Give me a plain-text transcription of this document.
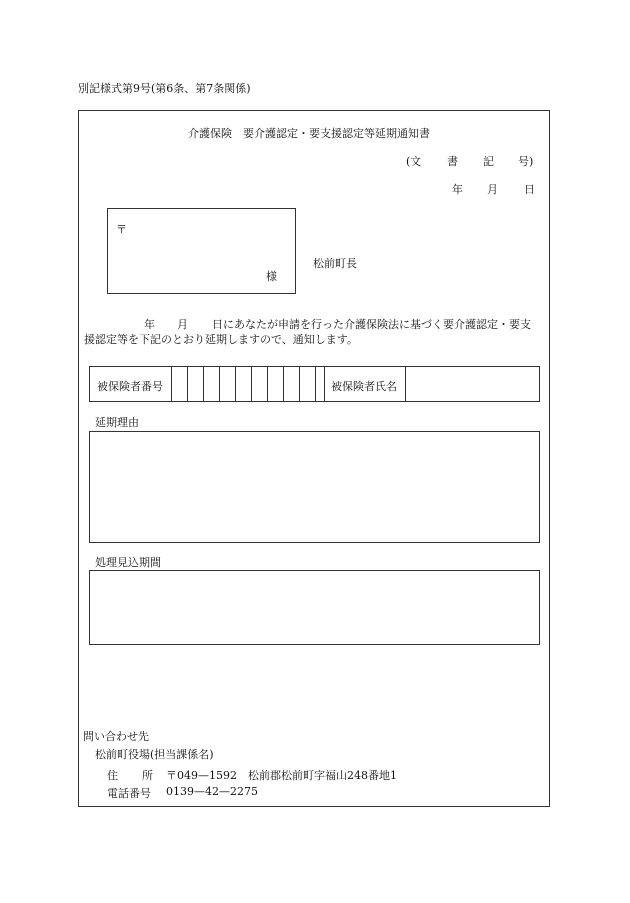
別記様式第9号(第6条、第7条関係)
介護保険　要介護認定・要支援認定等延期通知書
(文 書 記 号)
年 月 日
〒
様
松前町長
年 月 日にあなたが申請を行った介護保険法に基づく要介護認定・要支
援認定等を下記のとおり延期しますので、通知します。
被保険者番号	被保険者氏名
延期理由
処理見込期間
問い合わせ先
松前町役場(担当課係名)
住 所 〒049—1592　松前郡松前町字福山248番地1
電話番号 0139—42—2275
